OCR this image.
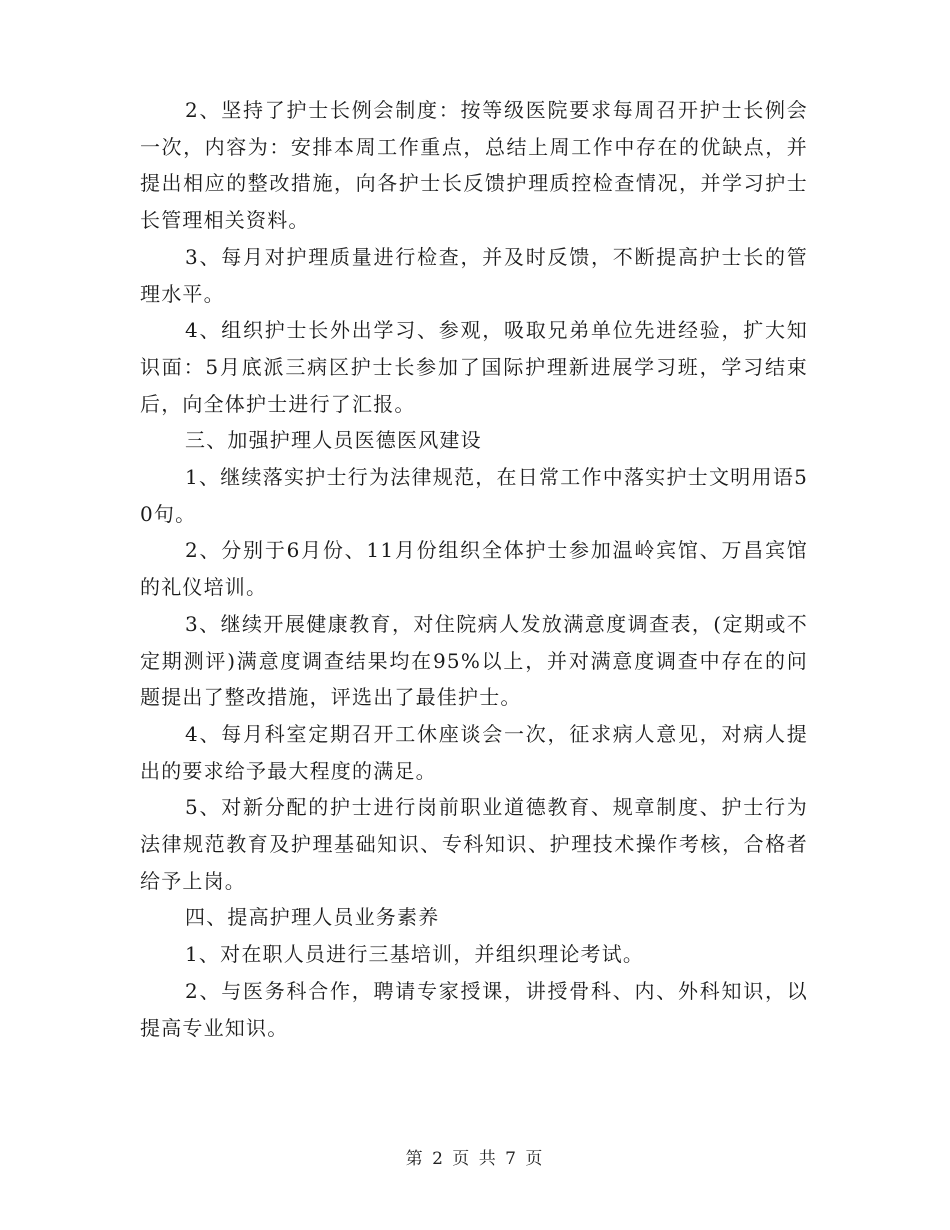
2、坚持了护士长例会制度：按等级医院要求每周召开护士长例会一次，内容为：安排本周工作重点，总结上周工作中存在的优缺点，并提出相应的整改措施，向各护士长反馈护理质控检查情况，并学习护士长管理相关资料。

3、每月对护理质量进行检查，并及时反馈，不断提高护士长的管理水平。

4、组织护士长外出学习、参观，吸取兄弟单位先进经验，扩大知识面：5月底派三病区护士长参加了国际护理新进展学习班，学习结束后，向全体护士进行了汇报。

三、加强护理人员医德医风建设

1、继续落实护士行为法律规范，在日常工作中落实护士文明用语50句。

2、分别于6月份、11月份组织全体护士参加温岭宾馆、万昌宾馆的礼仪培训。

3、继续开展健康教育，对住院病人发放满意度调查表，(定期或不定期测评)满意度调查结果均在95%以上，并对满意度调查中存在的问题提出了整改措施，评选出了最佳护士。

4、每月科室定期召开工休座谈会一次，征求病人意见，对病人提出的要求给予最大程度的满足。

5、对新分配的护士进行岗前职业道德教育、规章制度、护士行为法律规范教育及护理基础知识、专科知识、护理技术操作考核，合格者给予上岗。

四、提高护理人员业务素养

1、对在职人员进行三基培训，并组织理论考试。

2、与医务科合作，聘请专家授课，讲授骨科、内、外科知识，以提高专业知识。

第 2 页 共 7 页
